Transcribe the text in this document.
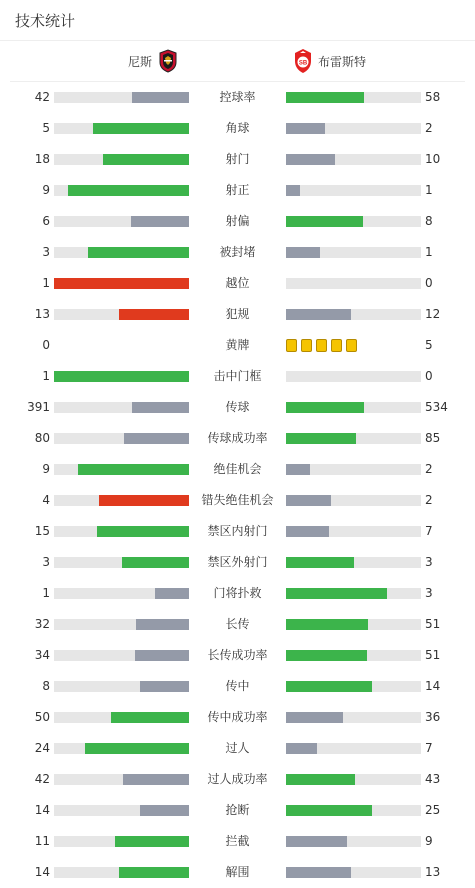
技术统计
尼斯	SB 布雷斯特
42	控球率	58
5	角球	2
18	射门	10
9	射正	1
6	射偏	8
3	被封堵	1
1	越位	0
13	犯规	12
0	黄牌	5
1	击中门框	0
391	传球	534
80	传球成功率	85
9	绝佳机会	2
4	错失绝佳机会	2
15	禁区内射门	7
3	禁区外射门	3
1	门将扑救	3
32	长传	51
34	长传成功率	51
8	传中	14
50	传中成功率	36
24	过人	7
42	过人成功率	43
14	抢断	25
11	拦截	9
14	解围	13
